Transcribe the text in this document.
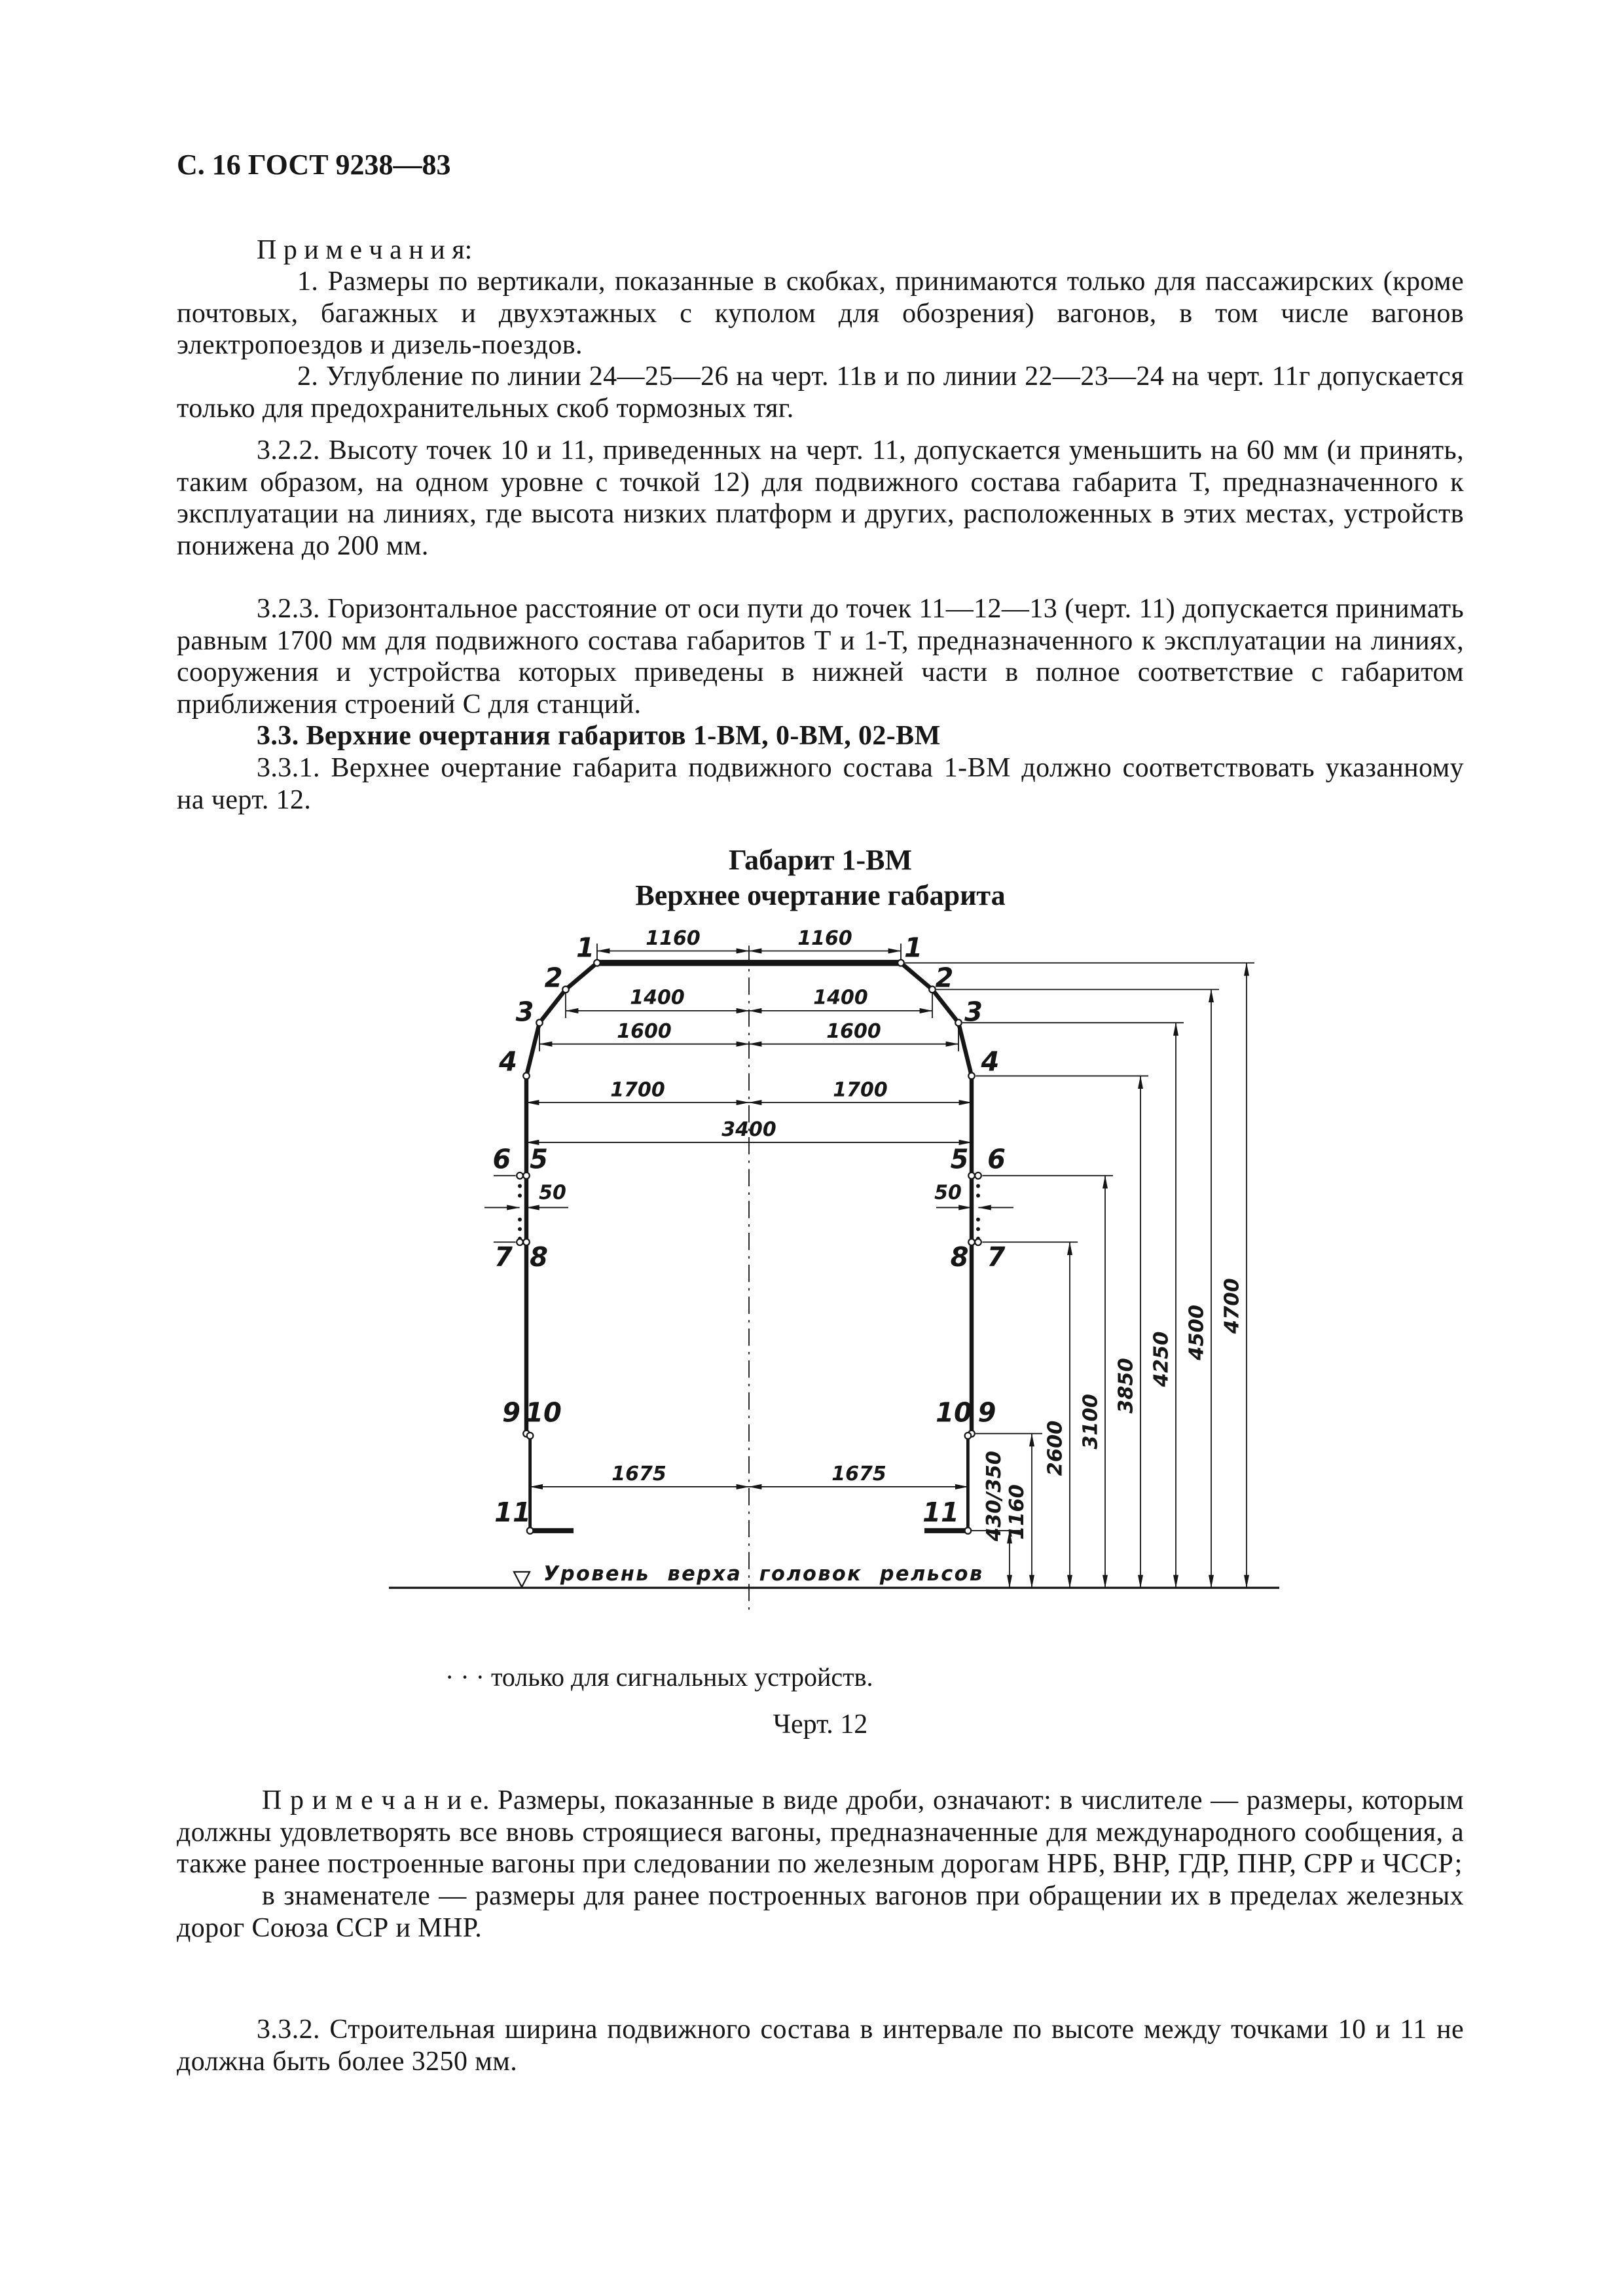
С. 16 ГОСТ 9238—83
П р и м е ч а н и я:

1. Размеры по вертикали, показанные в скобках, принимаются только для пассажирских (кроме почтовых, багажных и двухэтажных с куполом для обозрения) вагонов, в том числе вагонов электропоездов и дизель-поездов.

2. Углубление по линии 24—25—26 на черт. 11в и по линии 22—23—24 на черт. 11г допускается только для предохранительных скоб тормозных тяг.

3.2.2. Высоту точек 10 и 11, приведенных на черт. 11, допускается уменьшить на 60 мм (и принять, таким образом, на одном уровне с точкой 12) для подвижного состава габарита Т, предназначенного к эксплуатации на линиях, где высота низких платформ и других, расположенных в этих местах, устройств понижена до 200 мм.

3.2.3. Горизонтальное расстояние от оси пути до точек 11—12—13 (черт. 11) допускается принимать равным 1700 мм для подвижного состава габаритов Т и 1-Т, предназначенного к эксплуатации на линиях, сооружения и устройства которых приведены в нижней части в полное соответствие с габаритом приближения строений С для станций.

3.3. Верхние очертания габаритов 1-ВМ, 0-ВМ, 02-ВМ

3.3.1. Верхнее очертание габарита подвижного состава 1-ВМ должно соответствовать указанному на черт. 12.

Габарит 1-ВМ
Верхнее очертание габарита
1160 1160
1400 1400
1600 1600
1700 1700
3400
50	50
1675 1675 430/350 1160
2600 3100
3850 4250 4500 4700
1 1
2	2
3	3
4	4
5	5
6	6
7	7
8	8
9	9
10	10
11	11
Уровень верха головок рельсов
· · · только для сигнальных устройств.
Черт. 12

П р и м е ч а н и е. Размеры, показанные в виде дроби, означают: в числителе — размеры, которым должны удовлетворять все вновь строящиеся вагоны, предназначенные для международного сообщения, а также ранее построенные вагоны при следовании по железным дорогам НРБ, ВНР, ГДР, ПНР, СРР и ЧССР;

в знаменателе — размеры для ранее построенных вагонов при обращении их в пределах железных дорог Союза ССР и МНР.

3.3.2. Строительная ширина подвижного состава в интервале по высоте между точками 10 и 11 не должна быть более 3250 мм.
